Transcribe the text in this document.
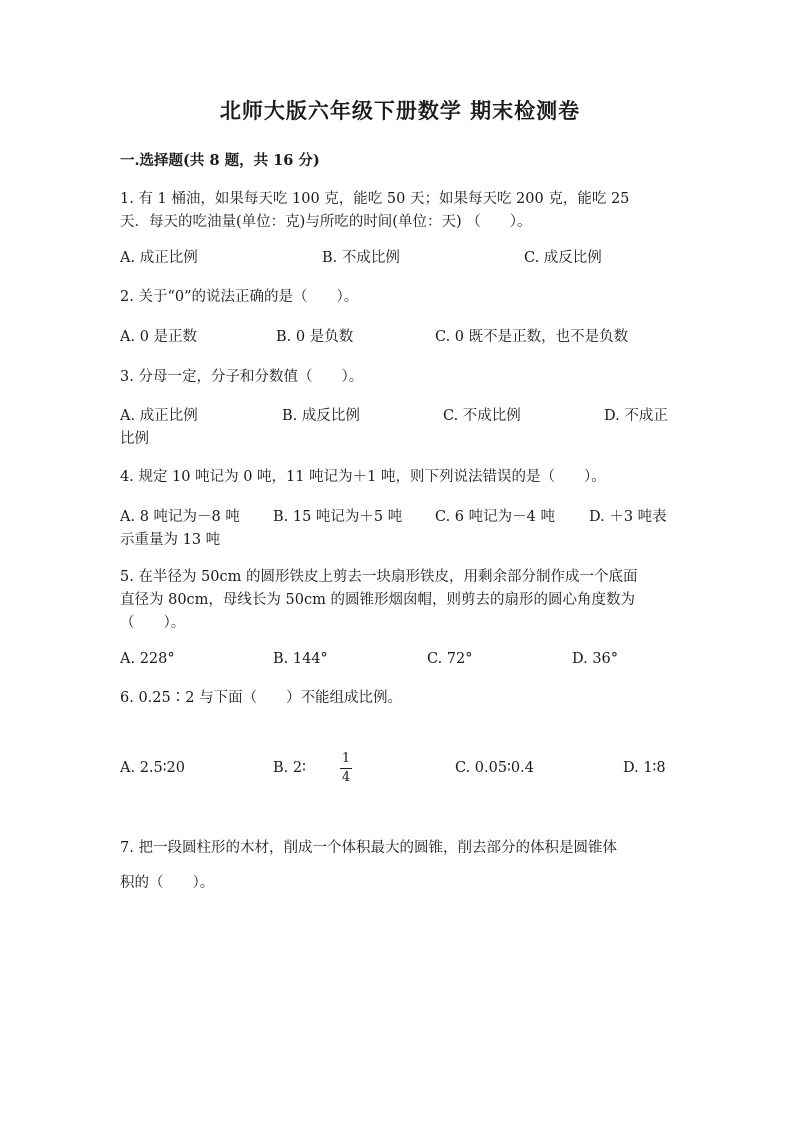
北师大版六年级下册数学 期末检测卷
一.选择题(共 8 题，共 16 分)
1. 有 1 桶油，如果每天吃 100 克，能吃 50 天；如果每天吃 200 克，能吃 25
天．每天的吃油量(单位：克)与所吃的时间(单位：天) （　　）。
A. 成正比例	B. 不成比例	C. 成反比例
2. 关于“0”的说法正确的是（　　）。
A. 0 是正数	B. 0 是负数	C. 0 既不是正数，也不是负数
3. 分母一定，分子和分数值（　　）。
A. 成正比例	B. 成反比例	C. 不成比例	D. 不成正
比例
4. 规定 10 吨记为 0 吨，11 吨记为＋1 吨，则下列说法错误的是（　　）。
A. 8 吨记为－8 吨 B. 15 吨记为＋5 吨 C. 6 吨记为－4 吨 D. ＋3 吨表
示重量为 13 吨
5. 在半径为 50cm 的圆形铁皮上剪去一块扇形铁皮，用剩余部分制作成一个底面
直径为 80cm，母线长为 50cm 的圆锥形烟囱帽，则剪去的扇形的圆心角度数为
（　　）。
A. 228°	B. 144°	C. 72°	D. 36°
6. 0.25∶2 与下面（　　）不能组成比例。
A. 2.5∶20	B. 2∶
1
4
C. 0.05∶0.4	D. 1∶8
7. 把一段圆柱形的木材，削成一个体积最大的圆锥，削去部分的体积是圆锥体
积的（　　）。
